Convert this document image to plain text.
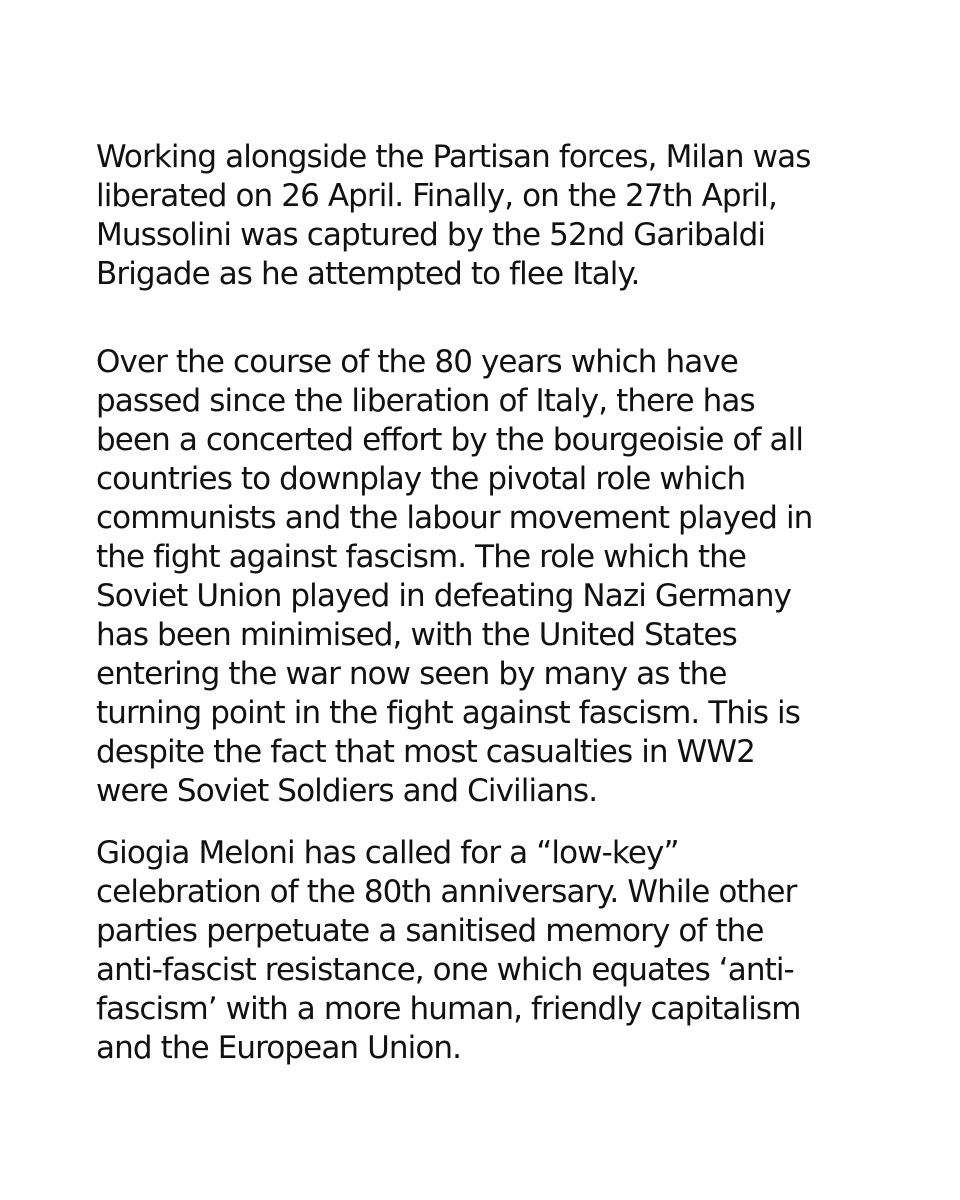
Working alongside the Partisan forces, Milan was
liberated on 26 April. Finally, on the 27th April,
Mussolini was captured by the 52nd Garibaldi
Brigade as he attempted to flee Italy.
Over the course of the 80 years which have
passed since the liberation of Italy, there has
been a concerted effort by the bourgeoisie of all
countries to downplay the pivotal role which
communists and the labour movement played in
the fight against fascism. The role which the
Soviet Union played in defeating Nazi Germany
has been minimised, with the United States
entering the war now seen by many as the
turning point in the fight against fascism. This is
despite the fact that most casualties in WW2
were Soviet Soldiers and Civilians.
Giogia Meloni has called for a “low-key”
celebration of the 80th anniversary. While other
parties perpetuate a sanitised memory of the
anti-fascist resistance, one which equates ‘anti-
fascism’ with a more human, friendly capitalism
and the European Union.
